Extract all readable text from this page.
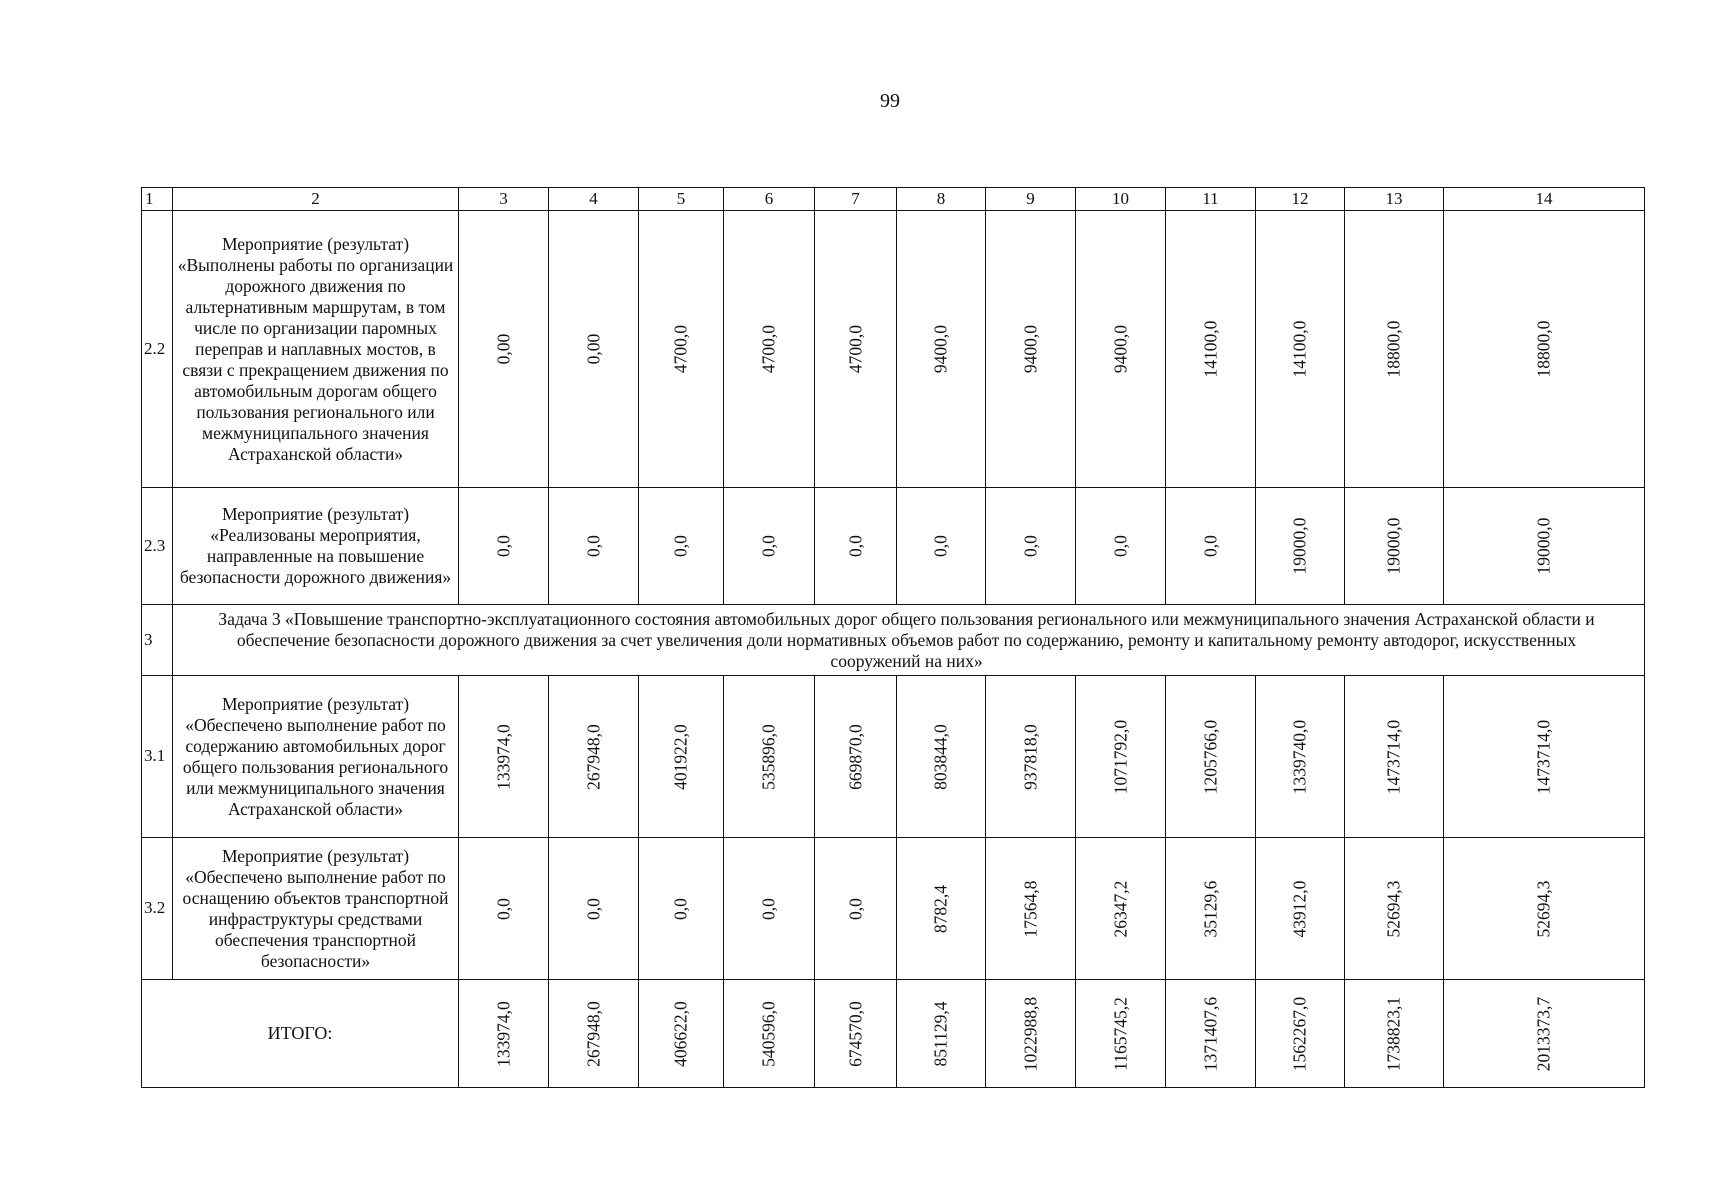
99
1	2	3	4	5	6	7	8	9	10	11	12	13	14
2.2	Мероприятие (результат) «Выполнены работы по организации дорожного движения по альтернативным маршрутам, в том числе по организации паромных переправ и наплавных мостов, в связи с прекращением движения по автомобильным дорогам общего пользования регионального или межмуниципального значения Астраханской области»	0,00	0,00	4700,0	4700,0	4700,0	9400,0	9400,0	9400,0	14100,0	14100,0	18800,0	18800,0

2.3	Мероприятие (результат) «Реализованы мероприятия, направленные на повышение безопасности дорожного движения»	0,0	0,0	0,0	0,0	0,0	0,0	0,0	0,0	0,0	19000,0	19000,0	19000,0

3	Задача 3 «Повышение транспортно-эксплуатационного состояния автомобильных дорог общего пользования регионального или межмуниципального значения Астраханской области и обеспечение безопасности дорожного движения за счет увеличения доли нормативных объемов работ по содержанию, ремонту и капитальному ремонту автодорог, искусственных сооружений на них»												
3.1	Мероприятие (результат) «Обеспечено выполнение работ по содержанию автомобильных дорог общего пользования регионального или межмуниципального значения Астраханской области»	133974,0	267948,0	401922,0	535896,0	669870,0	803844,0	937818,0	1071792,0	1205766,0	1339740,0	1473714,0	1473714,0

3.2	Мероприятие (результат) «Обеспечено выполнение работ по оснащению объектов транспортной инфраструктуры средствами обеспечения транспортной безопасности»	0,0	0,0	0,0	0,0	0,0	8782,4	17564,8	26347,2	35129,6	43912,0	52694,3	52694,3

ИТОГО:		133974,0	267948,0	406622,0	540596,0	674570,0	851129,4	1022988,8	1165745,2	1371407,6	1562267,0	1738823,1	2013373,7
